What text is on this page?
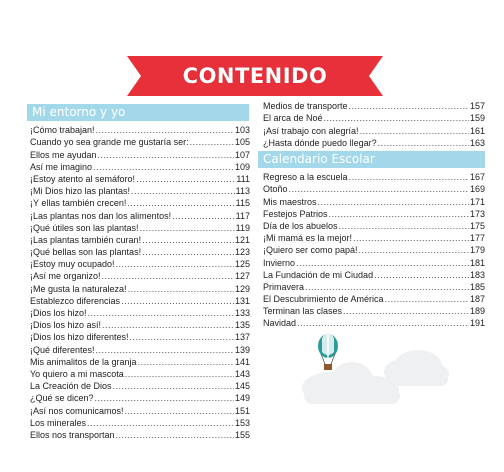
CONTENIDO
Mi entorno y yo
¡Cómo trabajan! .....	103
Cuando yo sea grande me gustaría ser: .....	105
Ellos me ayudan .....	107
Así me imagino .....	109
¡Estoy atento al semáforo! .....	111
¡Mi Dios hizo las plantas! .....	113
¡Y ellas también crecen! .....	115
¡Las plantas nos dan los alimentos! .....	117
¡Qué útiles son las plantas! .....	119
¡Las plantas también curan! .....	121
¡Qué bellas son las plantas! .....	123
¡Estoy muy ocupado! .....	125
¡Así me organizo! .....	127
¡Me gusta la naturaleza! .....	129
Establezco diferencias .....	131
¡Dios los hizo! .....	133
¡Dios los hizo así! .....	135
¡Dios los hizo diferentes! .....	137
¡Qué diferentes! .....	139
Mis animalitos de la granja .....	141
Yo quiero a mi mascota .....	143
La Creación de Dios .....	145
¿Qué se dicen? .....	149
¡Así nos comunicamos! .....	151
Los minerales .....	153
Ellos nos transportan .....	155
Medios de transporte .....	157
El arca de Noé .....	159
¡Así trabajo con alegría! .....	161
¿Hasta dónde puedo llegar? .....	163
Calendario Escolar
Regreso a la escuela .....	167
Otoño .....	169
Mis maestros .....	171
Festejos Patrios .....	173
Día de los abuelos .....	175
¡Mi mamá es la mejor! .....	177
¡Quiero ser como papá! .....	179
Invierno .....	181
La Fundación de mi Ciudad .....	183
Primavera .....	185
El Descubrimiento de América .....	187
Terminan las clases .....	189
Navidad .....	191
